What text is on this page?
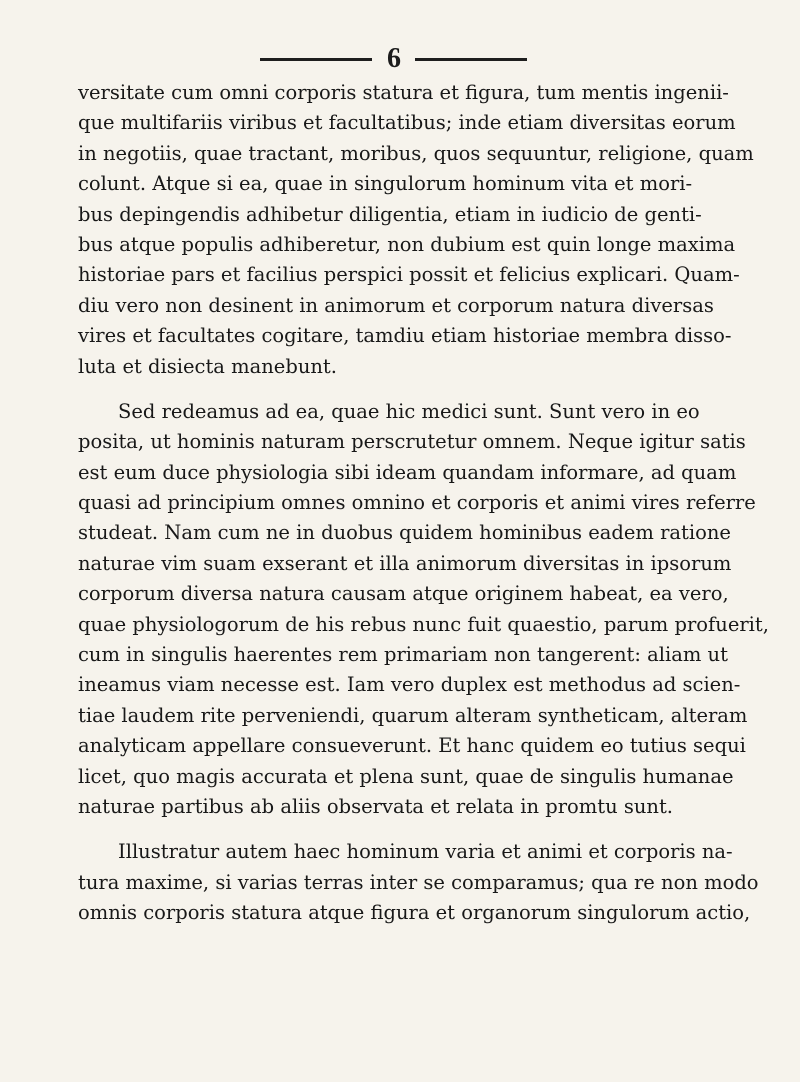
6
versitate cum omni corporis statura et figura, tum mentis ingenii-
que multifariis viribus et facultatibus; inde etiam diversitas eorum
in negotiis, quae tractant, moribus, quos sequuntur, religione, quam
colunt. Atque si ea, quae in singulorum hominum vita et mori-
bus depingendis adhibetur diligentia, etiam in iudicio de genti-
bus atque populis adhiberetur, non dubium est quin longe maxima
historiae pars et facilius perspici possit et felicius explicari. Quam-
diu vero non desinent in animorum et corporum natura diversas
vires et facultates cogitare, tamdiu etiam historiae membra disso-
luta et disiecta manebunt.
Sed redeamus ad ea, quae hic medici sunt. Sunt vero in eo
posita, ut hominis naturam perscrutetur omnem. Neque igitur satis
est eum duce physiologia sibi ideam quandam informare, ad quam
quasi ad principium omnes omnino et corporis et animi vires referre
studeat. Nam cum ne in duobus quidem hominibus eadem ratione
naturae vim suam exserant et illa animorum diversitas in ipsorum
corporum diversa natura causam atque originem habeat, ea vero,
quae physiologorum de his rebus nunc fuit quaestio, parum profuerit,
cum in singulis haerentes rem primariam non tangerent: aliam ut
ineamus viam necesse est. Iam vero duplex est methodus ad scien-
tiae laudem rite perveniendi, quarum alteram syntheticam, alteram
analyticam appellare consueverunt. Et hanc quidem eo tutius sequi
licet, quo magis accurata et plena sunt, quae de singulis humanae
naturae partibus ab aliis observata et relata in promtu sunt.
Illustratur autem haec hominum varia et animi et corporis na-
tura maxime, si varias terras inter se comparamus; qua re non modo
omnis corporis statura atque figura et organorum singulorum actio,
